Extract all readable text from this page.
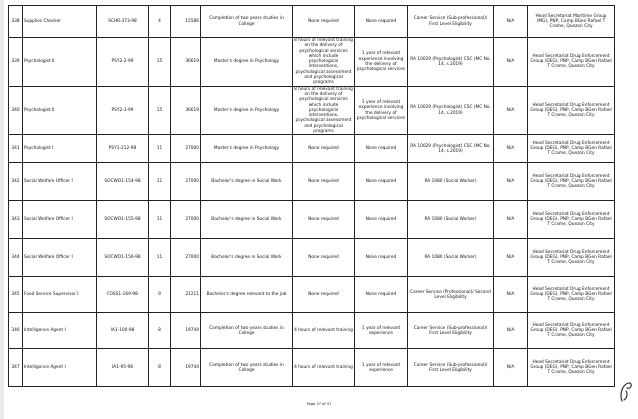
338	Supplies Checker	SCHR-373-98	4	15586	Completion of two years studies in College	None required	None required	Career Service (Sub-professional)/ First Level Eligibility	N/A	Head Secretariat Maritime Group (MG), PNP, Camp BGen Rafael T Crame, Quezon City
339	Psychologist II	PSY2-2-99	15	36619	Master's degree in Psychology	8 hours of relevant training on the delivery of psychological services which include psychological interventions, psychological assessment and psychological programs	1 year of relevant experience involving the delivery of psychological services	RA 10029 (Psychologist) CSC (MC No. 14, s.2019)	N/A	Head Secretariat Drug Enforcement Group (DEG), PNP, Camp BGen Rafael T Crame, Quezon City
340	Psychologist II	PSY2-3-99	15	36619	Master's degree in Psychology	8 hours of relevant training on the delivery of psychological services which include psychological interventions, psychological assessment and psychological programs	1 year of relevant experience involving the delivery of psychological services	RA 10029 (Psychologist) CSC (MC No. 14, s.2019)	N/A	Head Secretariat Drug Enforcement Group (DEG), PNP, Camp BGen Rafael T Crame, Quezon City
341	Psychologist I	PSY1-212-98	11	27000	Master's degree in Psychology	None required	None required	RA 10029 (Psychologist) CSC (MC No. 14, s.2019)	N/A	Head Secretariat Drug Enforcement Group (DEG), PNP, Camp BGen Rafael T Crame, Quezon City
342	Social Welfare Officer I	SOCWO1-154-98	11	27000	Bachelor's degree in Social Work	None required	None required	RA 1080 (Social Worker)	N/A	Head Secretariat Drug Enforcement Group (DEG), PNP, Camp BGen Rafael T Crame, Quezon City
343	Social Welfare Officer I	SOCWO1-155-98	11	27000	Bachelor's degree in Social Work	None required	None required	RA 1080 (Social Worker)	N/A	Head Secretariat Drug Enforcement Group (DEG), PNP, Camp BGen Rafael T Crame, Quezon City
344	Social Welfare Officer I	SOCWO1-156-98	11	27000	Bachelor's degree in Social Work	None required	None required	RA 1080 (Social Worker)	N/A	Head Secretariat Drug Enforcement Group (DEG), PNP, Camp BGen Rafael T Crame, Quezon City
345	Food Service Supervisor I	FOSS1-169-98	9	21211	Bachelor's degree relevant to the job	None required	None required	Career Service (Professional)/ Second Level Eligibility	N/A	Head Secretariat Drug Enforcement Group (DEG), PNP, Camp BGen Rafael T Crame, Quezon City
346	Intelligence Agent I	IA1-100-98	8	19744	Completion of two years studies in College	4 hours of relevant training	1 year of relevant experience	Career Service (Sub-professional)/ First Level Eligibility	N/A	Head Secretariat Drug Enforcement Group (DEG), PNP, Camp BGen Rafael T Crame, Quezon City
347	Intelligence Agent I	IA1-95-98	8	19744	Completion of two years studies in College	4 hours of relevant training	1 year of relevant experience	Career Service (Sub-professional)/ First Level Eligibility	N/A	Head Secretariat Drug Enforcement Group (DEG), PNP, Camp BGen Rafael T Crame, Quezon City
Page 37 of 47
